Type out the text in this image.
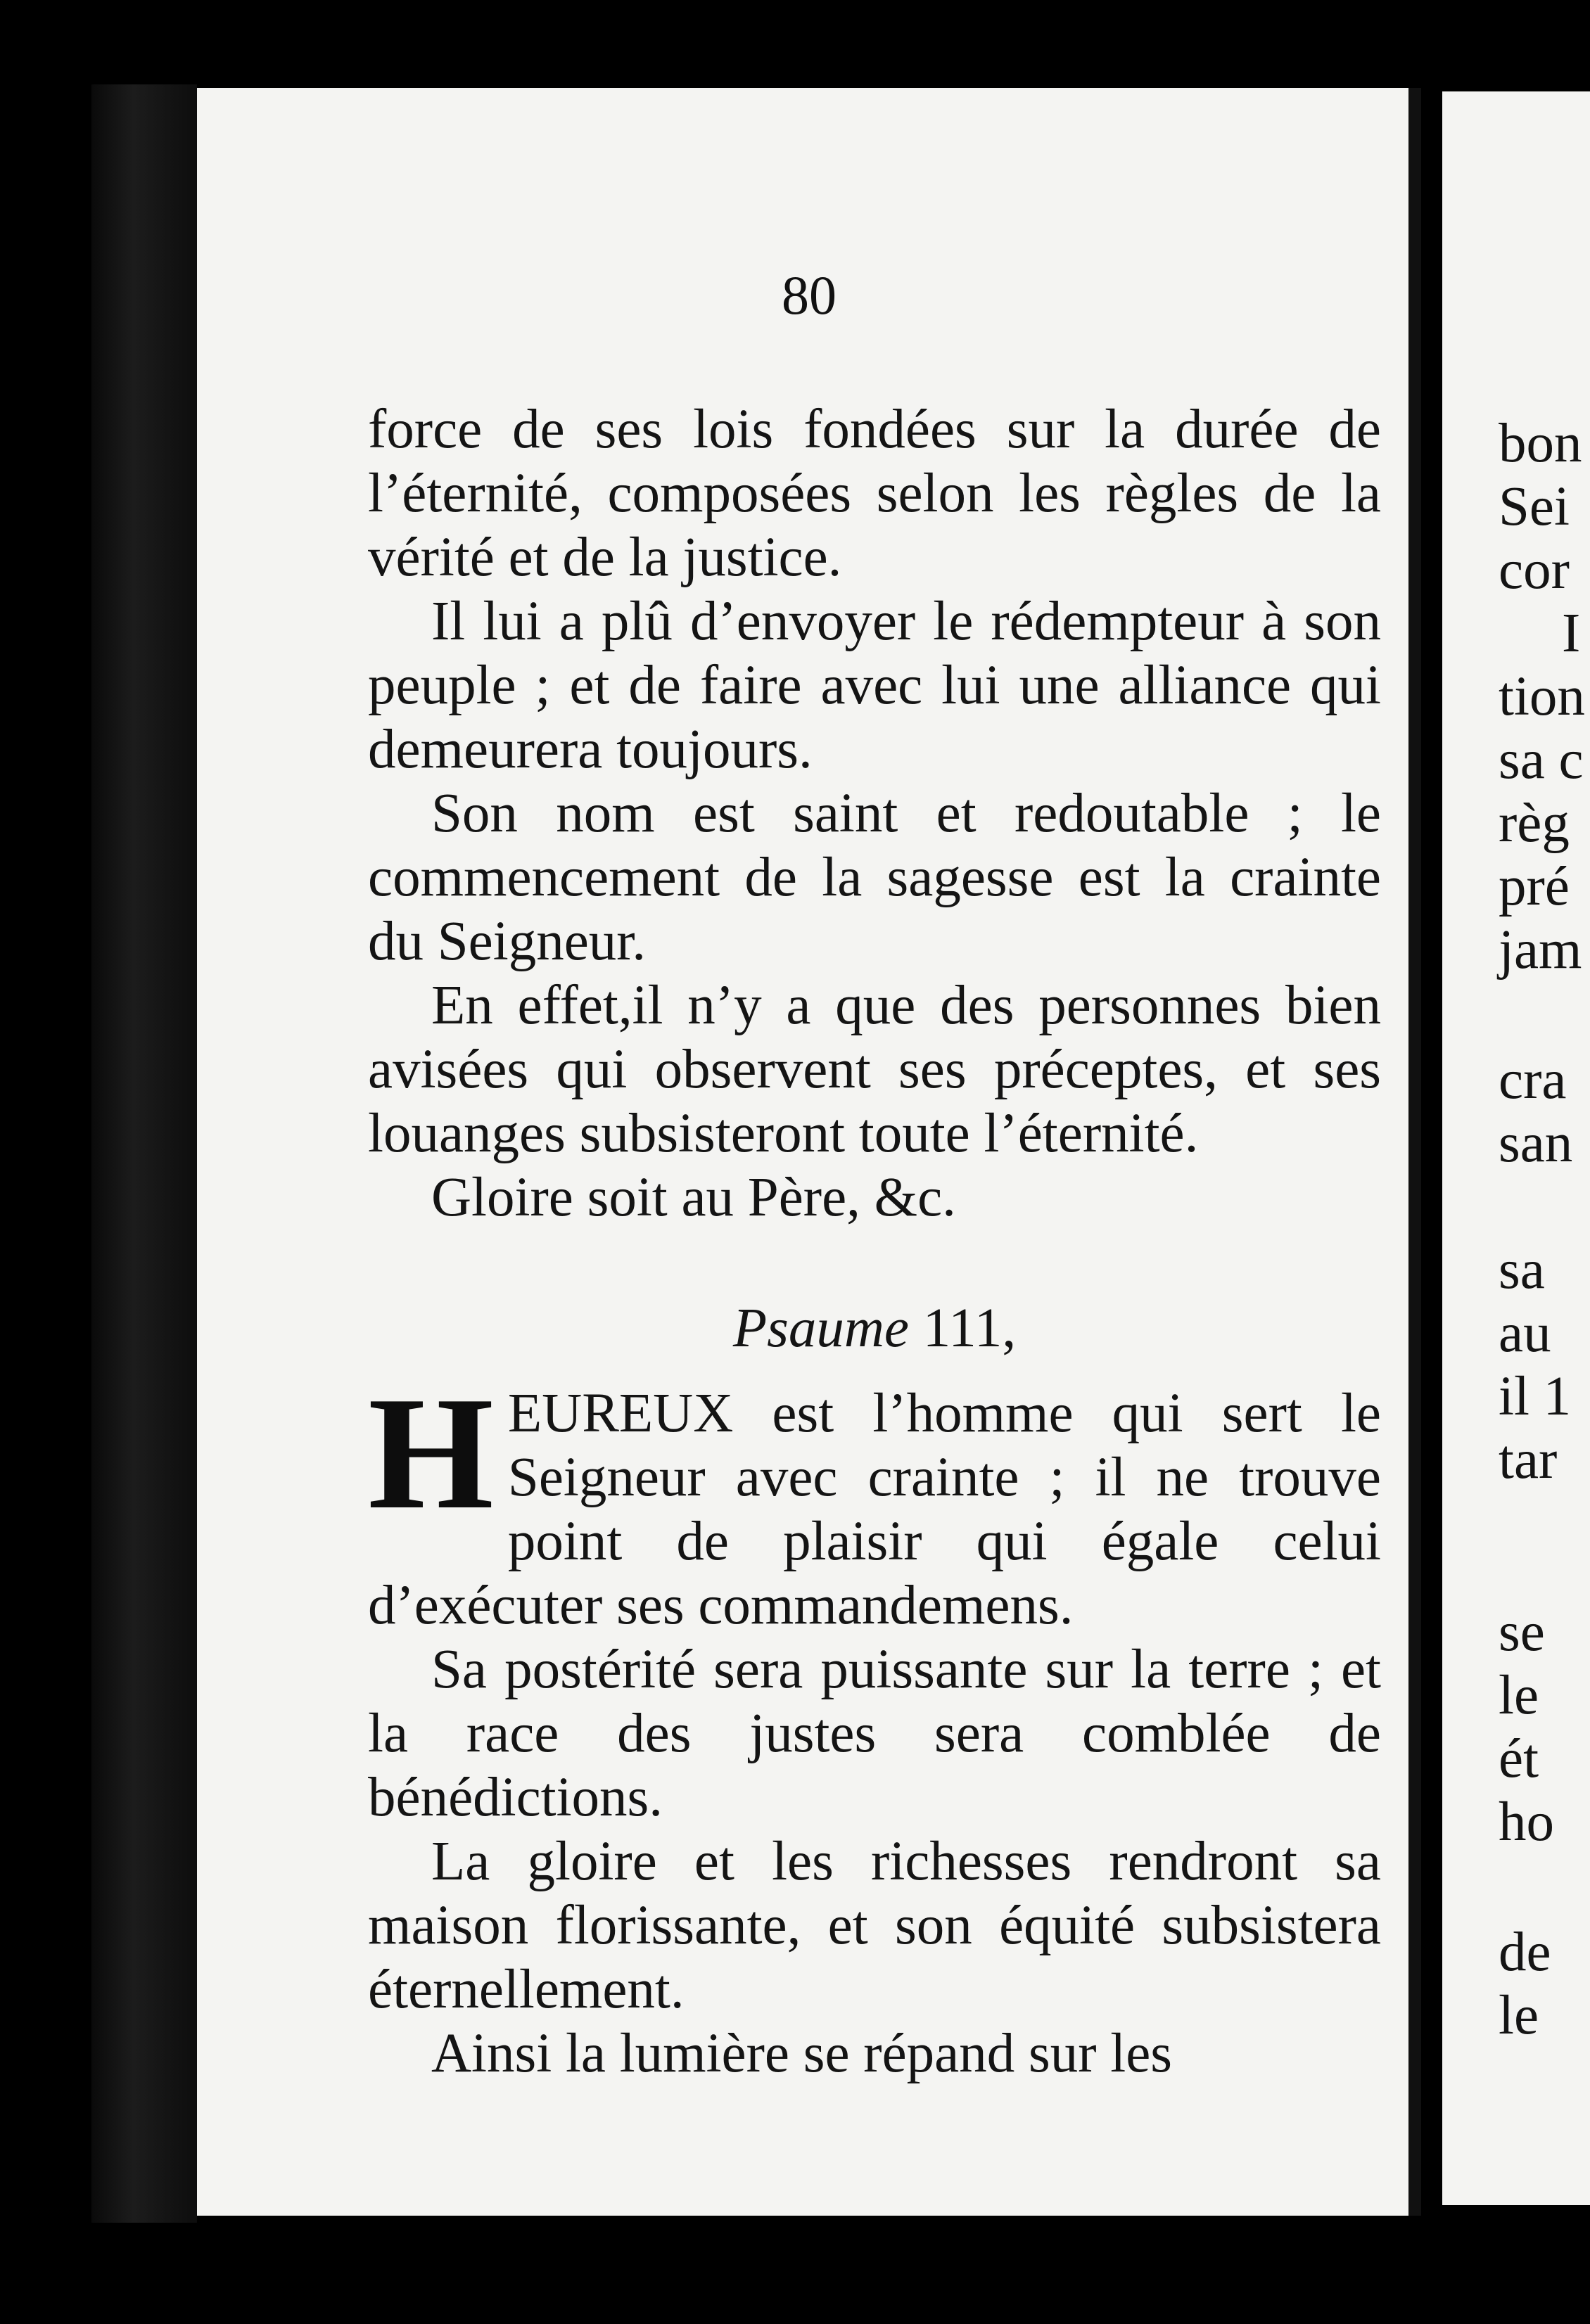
80

force de ses lois fondées sur la durée de l’éternité, composées selon les règles de la vérité et de la justice.

Il lui a plû d’envoyer le rédempteur à son peuple ; et de faire avec lui une alliance qui demeurera toujours.

Son nom est saint et redoutable ; le commencement de la sagesse est la crainte du Seigneur.

En effet,il n’y a que des personnes bien avisées qui observent ses préceptes, et ses louanges subsisteront toute l’éternité.

Gloire soit au Père, &c.

Psaume 111,

HEUREUX est l’homme qui sert le Seigneur avec crainte ; il ne trouve point de plaisir qui égale celui d’exécuter ses commandemens.

Sa postérité sera puissante sur la terre ; et la race des justes sera comblée de bénédictions.

La gloire et les richesses rendront sa maison florissante, et son équité subsistera éternellement.

Ainsi la lumière se répand sur les

bon
Sei
cor
I
tion
sa c
règ
pré
jam
cra
san
sa
au
il 1
tar
se
le
ét
ho
de
le
